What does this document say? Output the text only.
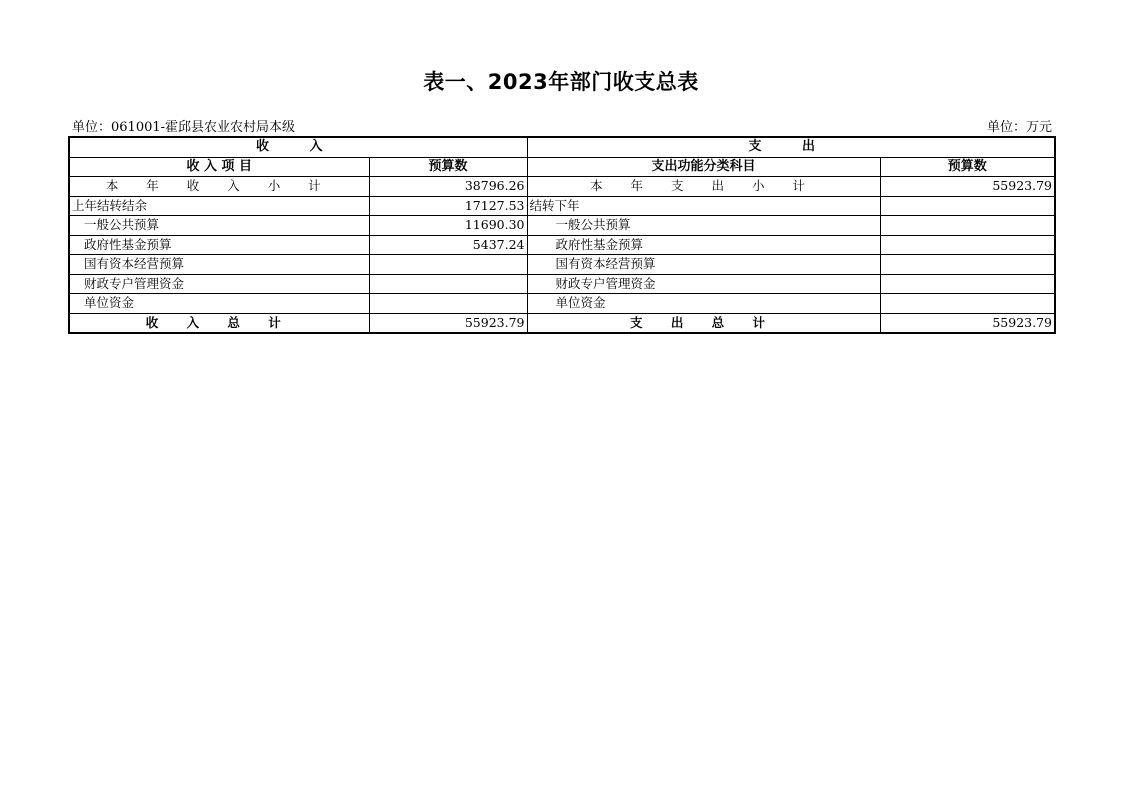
表一、2023年部门收支总表
单位：061001-霍邱县农业农村局本级	单位：万元
收 入		支 出	
收 入 项 目	预算数	支出功能分类科目	预算数
本 年 收 入 小 计	38796.26	本 年 支 出 小 计	55923.79
上年结转结余	17127.53	结转下年	
一般公共预算	11690.30	一般公共预算	
政府性基金预算	5437.24	政府性基金预算	
国有资本经营预算		国有资本经营预算	
财政专户管理资金		财政专户管理资金	
单位资金		单位资金	
收 入 总 计	55923.79	支 出 总 计	55923.79
